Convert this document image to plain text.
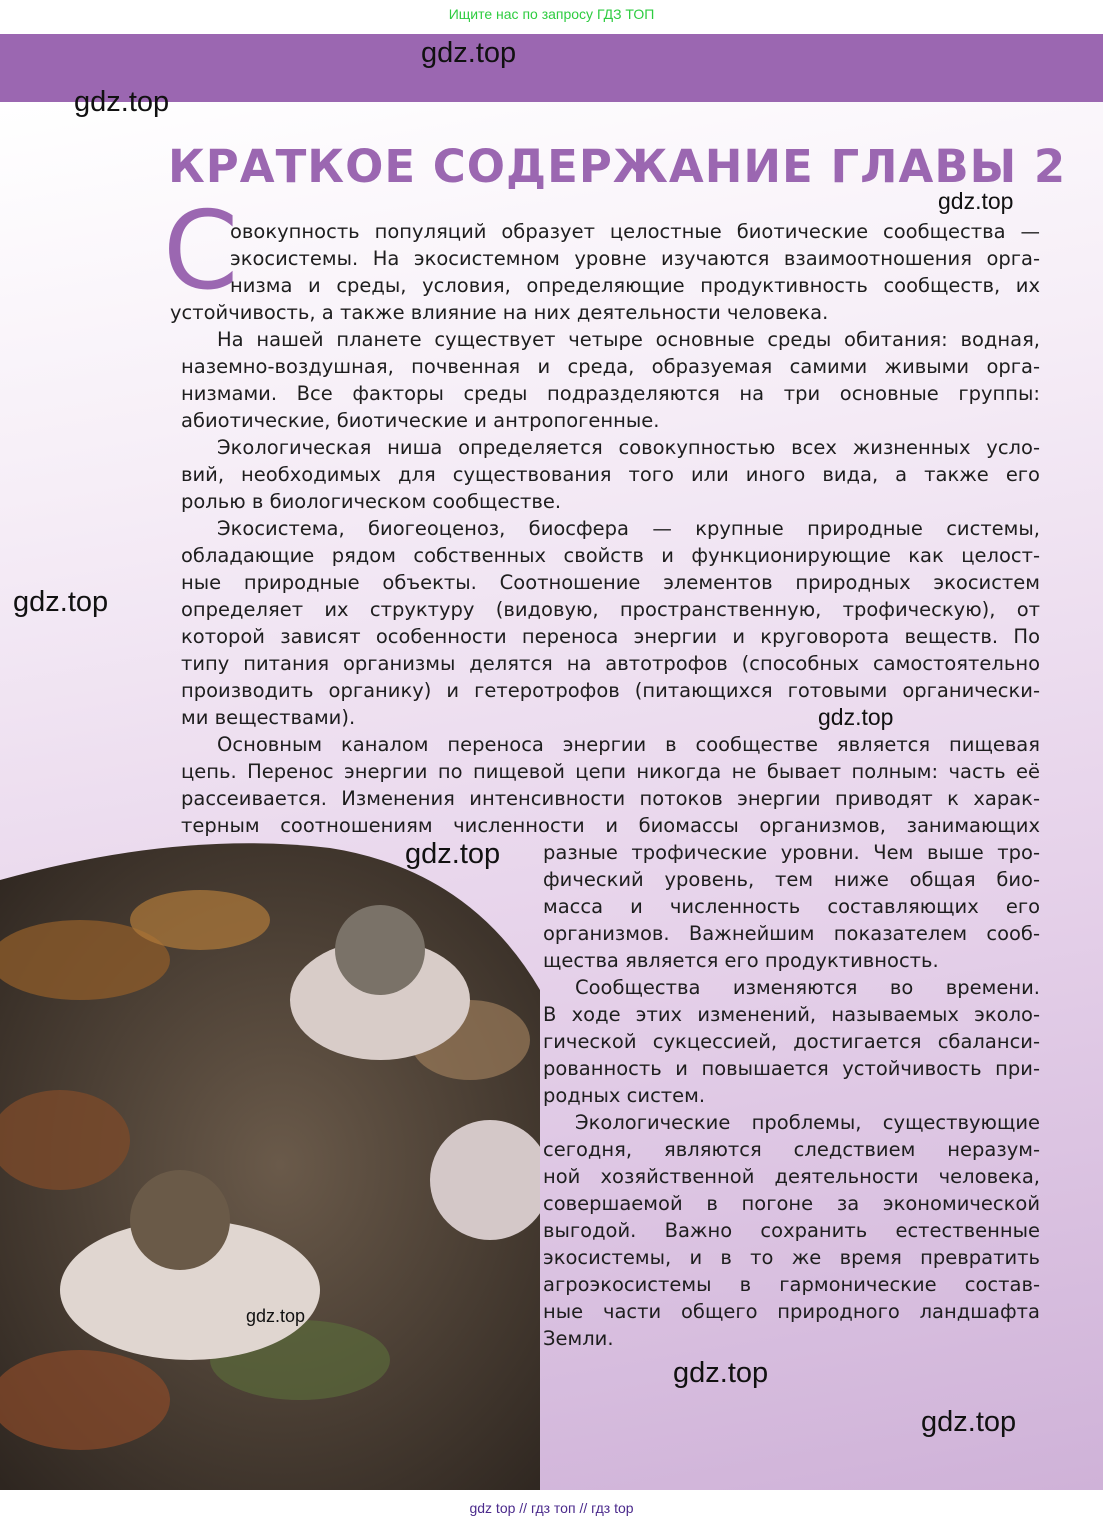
Ищите нас по запросу ГДЗ ТОП
gdz.top
gdz.top
КРАТКОЕ СОДЕРЖАНИЕ ГЛАВЫ 2
gdz.top
С
овокупность популяций образует целостные биотические сообщества —
экосистемы. На экосистемном уровне изучаются взаимоотношения орга-
низма и среды, условия, определяющие продуктивность сообществ, их
устойчивость, а также влияние на них деятельности человека.
На нашей планете существует четыре основные среды обитания: водная,
наземно-воздушная, почвенная и среда, образуемая самими живыми орга-
низмами. Все факторы среды подразделяются на три основные группы:
абиотические, биотические и антропогенные.
Экологическая ниша определяется совокупностью всех жизненных усло-
вий, необходимых для существования того или иного вида, а также его
ролью в биологическом сообществе.
Экосистема, биогеоценоз, биосфера — крупные природные системы,
обладающие рядом собственных свойств и функционирующие как целост-
ные природные объекты. Соотношение элементов природных экосистем
определяет их структуру (видовую, пространственную, трофическую), от
которой зависят особенности переноса энергии и круговорота веществ. По
типу питания организмы делятся на автотрофов (способных самостоятельно
производить органику) и гетеротрофов (питающихся готовыми органически-
ми веществами).
Основным каналом переноса энергии в сообществе является пищевая
цепь. Перенос энергии по пищевой цепи никогда не бывает полным: часть её
рассеивается. Изменения интенсивности потоков энергии приводят к харак-
терным соотношениям численности и биомассы организмов, занимающих
разные трофические уровни. Чем выше тро-
фический уровень, тем ниже общая био-
масса и численность составляющих его
организмов. Важнейшим показателем сооб-
щества является его продуктивность.
Сообщества изменяются во времени.
В ходе этих изменений, называемых эколо-
гической сукцессией, достигается сбаланси-
рованность и повышается устойчивость при-
родных систем.
Экологические проблемы, существующие
сегодня, являются следствием неразум-
ной хозяйственной деятельности человека,
совершаемой в погоне за экономической
выгодой. Важно сохранить естественные
экосистемы, и в то же время превратить
агроэкосистемы в гармонические состав-
ные части общего природного ландшафта
Земли.
gdz.top
gdz.top
gdz.top
gdz.top
gdz.top
gdz.top
gdz top // гдз топ // гдз top
